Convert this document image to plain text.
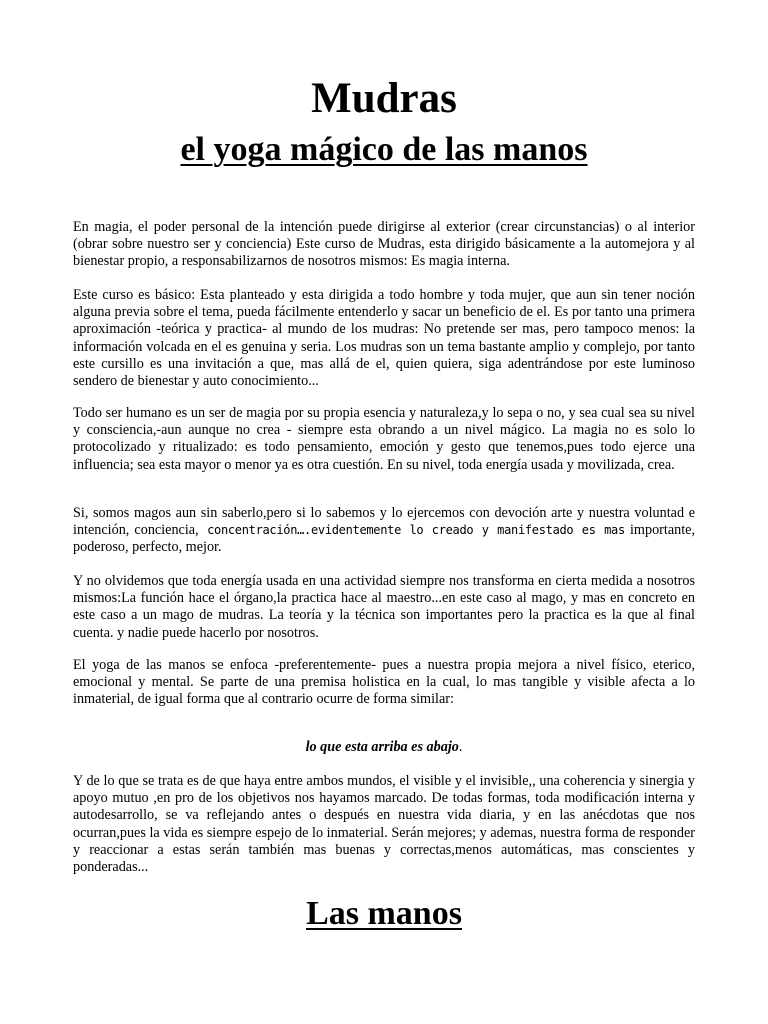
Mudras
el yoga mágico de las manos

En magia, el poder personal de la intención puede dirigirse al exterior (crear circunstancias) o al interior (obrar sobre nuestro ser y conciencia) Este curso de Mudras, esta dirigido básicamente a la automejora y al bienestar propio, a responsabilizarnos de nosotros mismos: Es magia interna.

Este curso es básico: Esta planteado y esta dirigida a todo hombre y toda mujer, que aun sin tener noción alguna previa sobre el tema, pueda fácilmente entenderlo y sacar un beneficio de el. Es por tanto una primera aproximación -teórica y practica- al mundo de los mudras: No pretende ser mas, pero tampoco menos: la información volcada en el es genuina y seria. Los mudras son un tema bastante amplio y complejo, por tanto este cursillo es una invitación a que, mas allá de el, quien quiera, siga adentrándose por este luminoso sendero de bienestar y auto conocimiento...

Todo ser humano es un ser de magia por su propia esencia y naturaleza,y lo sepa o no, y sea cual sea su nivel y consciencia,-aun aunque no crea - siempre esta obrando a un nivel mágico. La magia no es solo lo protocolizado y ritualizado: es todo pensamiento, emoción y gesto que tenemos,pues todo ejerce una influencia; sea esta mayor o menor ya es otra cuestión. En su nivel, toda energía usada y movilizada, crea.

Si, somos magos aun sin saberlo,pero si lo sabemos y lo ejercemos con devoción arte y nuestra voluntad e intención, conciencia, concentración….evidentemente lo creado y manifestado es mas importante, poderoso, perfecto, mejor.

Y no olvidemos que toda energía usada en una actividad siempre nos transforma en cierta medida a nosotros mismos:La función hace el órgano,la practica hace al maestro...en este caso al mago, y mas en concreto en este caso a un mago de mudras. La teoría y la técnica son importantes pero la practica es la que al final cuenta. y nadie puede hacerlo por nosotros.

El yoga de las manos se enfoca -preferentemente- pues a nuestra propia mejora a nivel físico, eterico, emocional y mental. Se parte de una premisa holistica en la cual, lo mas tangible y visible afecta a lo inmaterial, de igual forma que al contrario ocurre de forma similar:

lo que esta arriba es abajo.

Y de lo que se trata es de que haya entre ambos mundos, el visible y el invisible,, una coherencia y sinergia y apoyo mutuo ,en pro de los objetivos nos hayamos marcado. De todas formas, toda modificación interna y autodesarrollo, se va reflejando antes o después en nuestra vida diaria, y en las anécdotas que nos ocurran,pues la vida es siempre espejo de lo inmaterial. Serán mejores; y ademas, nuestra forma de responder y reaccionar a estas serán también mas buenas y correctas,menos automáticas, mas conscientes y ponderadas...

Las manos
